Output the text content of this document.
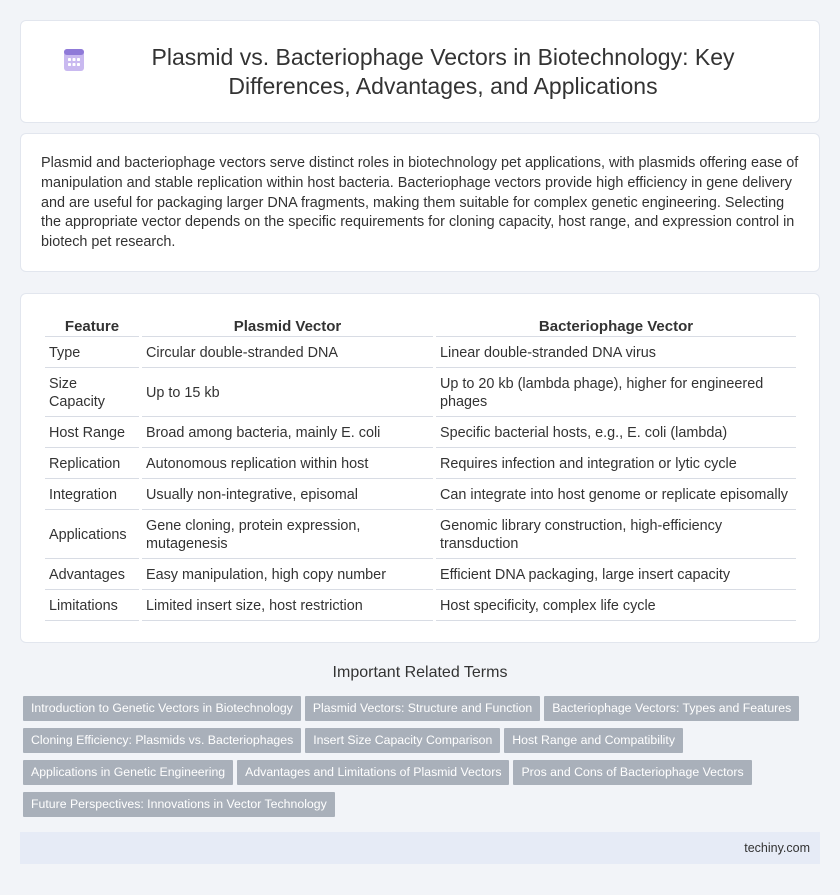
Plasmid vs. Bacteriophage Vectors in Biotechnology: Key Differences, Advantages, and Applications

Plasmid and bacteriophage vectors serve distinct roles in biotechnology pet applications, with plasmids offering ease of manipulation and stable replication within host bacteria. Bacteriophage vectors provide high efficiency in gene delivery and are useful for packaging larger DNA fragments, making them suitable for complex genetic engineering. Selecting the appropriate vector depends on the specific requirements for cloning capacity, host range, and expression control in biotech pet research.

Feature	Plasmid Vector	Bacteriophage Vector
Type	Circular double-stranded DNA	Linear double-stranded DNA virus
Size Capacity	Up to 15 kb	Up to 20 kb (lambda phage), higher for engineered phages
Host Range	Broad among bacteria, mainly E. coli	Specific bacterial hosts, e.g., E. coli (lambda)
Replication	Autonomous replication within host	Requires infection and integration or lytic cycle
Integration	Usually non-integrative, episomal	Can integrate into host genome or replicate episomally
Applications	Gene cloning, protein expression, mutagenesis	Genomic library construction, high-efficiency transduction
Advantages	Easy manipulation, high copy number	Efficient DNA packaging, large insert capacity
Limitations	Limited insert size, host restriction	Host specificity, complex life cycle
Important Related Terms
Introduction to Genetic Vectors in Biotechnology Plasmid Vectors: Structure and Function Bacteriophage Vectors: Types and Features
Cloning Efficiency: Plasmids vs. Bacteriophages Insert Size Capacity Comparison Host Range and Compatibility
Applications in Genetic Engineering Advantages and Limitations of Plasmid Vectors Pros and Cons of Bacteriophage Vectors
Future Perspectives: Innovations in Vector Technology
techiny.com
